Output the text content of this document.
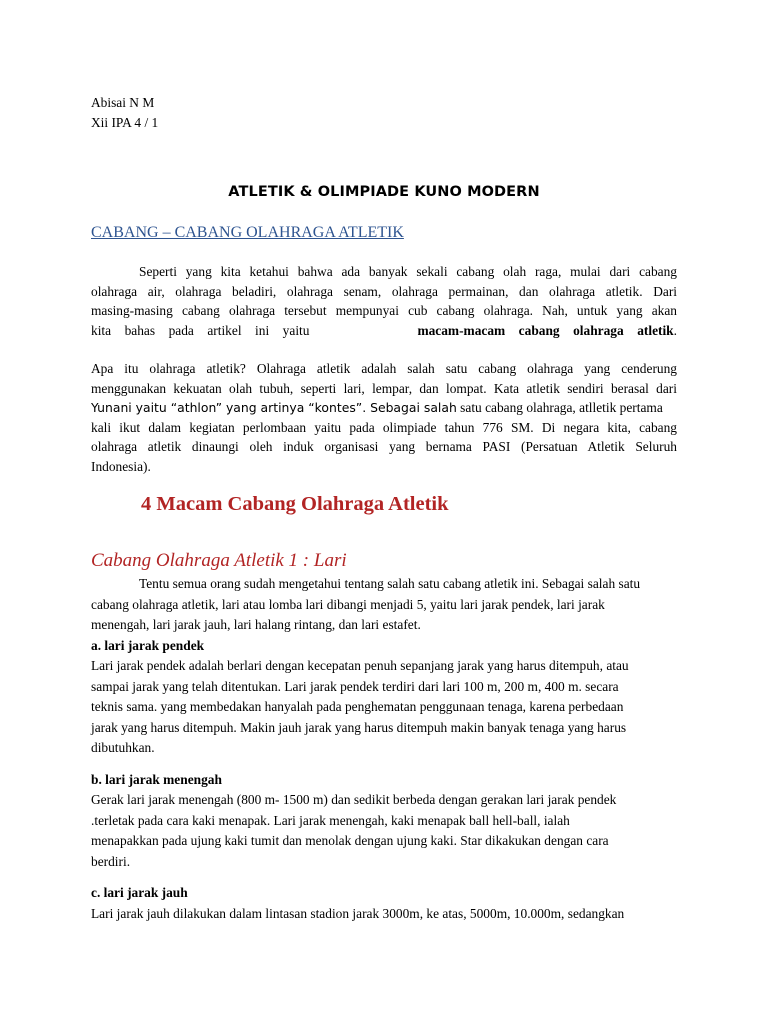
Abisai N M
Xii IPA 4 / 1
ATLETIK & OLIMPIADE KUNO MODERN
CABANG – CABANG OLAHRAGA ATLETIK
Seperti yang kita ketahui bahwa ada banyak sekali cabang olah raga, mulai dari cabang
olahraga air, olahraga beladiri, olahraga senam, olahraga permainan, dan olahraga atletik. Dari
masing-masing cabang olahraga tersebut mempunyai cub cabang olahraga. Nah, untuk yang akan
kita bahas pada artikel ini yaitu	macam-macam cabang olahraga atletik.
Apa itu olahraga atletik? Olahraga atletik adalah salah satu cabang olahraga yang cenderung
menggunakan kekuatan olah tubuh, seperti lari, lempar, dan lompat. Kata atletik sendiri berasal dari
Yunani yaitu “athlon” yang artinya “kontes”. Sebagai salah satu cabang olahraga, atlletik pertama
kali ikut dalam kegiatan perlombaan yaitu pada olimpiade tahun 776 SM. Di negara kita, cabang
olahraga atletik dinaungi oleh induk organisasi yang bernama PASI (Persatuan Atletik Seluruh
Indonesia).
4 Macam Cabang Olahraga Atletik
Cabang Olahraga Atletik 1 : Lari
Tentu semua orang sudah mengetahui tentang salah satu cabang atletik ini. Sebagai salah satu
cabang olahraga atletik, lari atau lomba lari dibangi menjadi 5, yaitu lari jarak pendek, lari jarak
menengah, lari jarak jauh, lari halang rintang, dan lari estafet.
a. lari jarak pendek
Lari jarak pendek adalah berlari dengan kecepatan penuh sepanjang jarak yang harus ditempuh, atau
sampai jarak yang telah ditentukan. Lari jarak pendek terdiri dari lari 100 m, 200 m, 400 m. secara
teknis sama. yang membedakan hanyalah pada penghematan penggunaan tenaga, karena perbedaan
jarak yang harus ditempuh. Makin jauh jarak yang harus ditempuh makin banyak tenaga yang harus
dibutuhkan.
b. lari jarak menengah
Gerak lari jarak menengah (800 m- 1500 m) dan sedikit berbeda dengan gerakan lari jarak pendek
.terletak pada cara kaki menapak. Lari jarak menengah, kaki menapak ball hell-ball, ialah
menapakkan pada ujung kaki tumit dan menolak dengan ujung kaki. Star dikakukan dengan cara
berdiri.
c. lari jarak jauh
Lari jarak jauh dilakukan dalam lintasan stadion jarak 3000m, ke atas, 5000m, 10.000m, sedangkan
